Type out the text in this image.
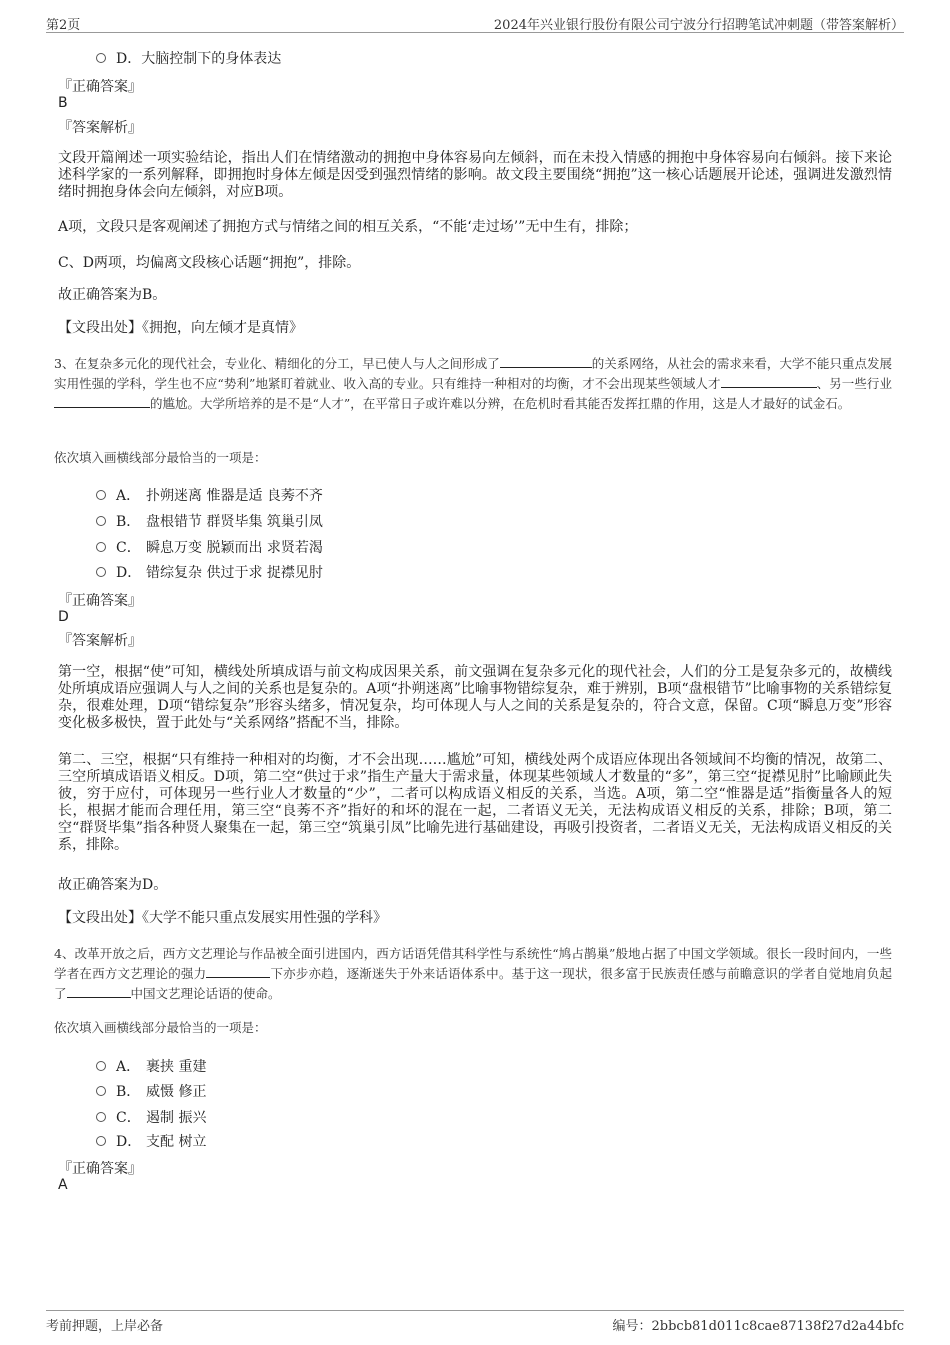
第2页	2024年兴业银行股份有限公司宁波分行招聘笔试冲刺题（带答案解析）
D．大脑控制下的身体表达
『正确答案』
B
『答案解析』
文段开篇阐述一项实验结论，指出人们在情绪激动的拥抱中身体容易向左倾斜，而在未投入情感的拥抱中身体容易向右倾斜。接下来论述科学家的一系列解释，即拥抱时身体左倾是因受到强烈情绪的影响。故文段主要围绕“拥抱”这一核心话题展开论述，强调进发激烈情绪时拥抱身体会向左倾斜，对应B项。
A项，文段只是客观阐述了拥抱方式与情绪之间的相互关系，“不能‘走过场’”无中生有，排除；
C、D两项，均偏离文段核心话题“拥抱”，排除。
故正确答案为B。
【文段出处】《拥抱，向左倾才是真情》
3、在复杂多元化的现代社会，专业化、精细化的分工，早已使人与人之间形成了	的关系网络，从社会的需求来看，大学不能只重点发展实用性强的学科，学生也不应“势利”地紧盯着就业、收入高的专业。只有维持一种相对的均衡，才不会出现某些领域人才	、另一些行业的尴尬。大学所培养的是不是“人才”，在平常日子或许难以分辨，在危机时看其能否发挥扛鼎的作用，这是人才最好的试金石。
依次填入画横线部分最恰当的一项是：
A． 扑朔迷离 惟器是适 良莠不齐
B． 盘根错节 群贤毕集 筑巢引凤
C． 瞬息万变 脱颖而出 求贤若渴
D． 错综复杂 供过于求 捉襟见肘
『正确答案』
D
『答案解析』
第一空，根据“使”可知，横线处所填成语与前文构成因果关系，前文强调在复杂多元化的现代社会，人们的分工是复杂多元的，故横线处所填成语应强调人与人之间的关系也是复杂的。A项“扑朔迷离”比喻事物错综复杂，难于辨别，B项“盘根错节”比喻事物的关系错综复杂，很难处理，D项“错综复杂”形容头绪多，情况复杂，均可体现人与人之间的关系是复杂的，符合文意，保留。C项“瞬息万变”形容变化极多极快，置于此处与“关系网络”搭配不当，排除。
第二、三空，根据“只有维持一种相对的均衡，才不会出现……尴尬”可知，横线处两个成语应体现出各领域间不均衡的情况，故第二、三空所填成语语义相反。D项，第二空“供过于求”指生产量大于需求量，体现某些领域人才数量的“多”，第三空“捉襟见肘”比喻顾此失彼，穷于应付，可体现另一些行业人才数量的“少”，二者可以构成语义相反的关系，当选。A项，第二空“惟器是适”指衡量各人的短长，根据才能而合理任用，第三空“良莠不齐”指好的和坏的混在一起，二者语义无关，无法构成语义相反的关系，排除；B项，第二空“群贤毕集”指各种贤人聚集在一起，第三空“筑巢引凤”比喻先进行基础建设，再吸引投资者，二者语义无关，无法构成语义相反的关系，排除。
故正确答案为D。
【文段出处】《大学不能只重点发展实用性强的学科》
4、改革开放之后，西方文艺理论与作品被全面引进国内，西方话语凭借其科学性与系统性“鸠占鹊巢”般地占据了中国文学领域。很长一段时间内，一些学者在西方文艺理论的强力	下亦步亦趋，逐渐迷失于外来话语体系中。基于这一现状，很多富于民族责任感与前瞻意识的学者自觉地肩负起了	中国文艺理论话语的使命。
依次填入画横线部分最恰当的一项是：
A． 裹挟 重建
B． 威慑 修正
C． 遏制 振兴
D． 支配 树立
『正确答案』
A
考前押题，上岸必备	编号：2bbcb81d011c8cae87138f27d2a44bfc
